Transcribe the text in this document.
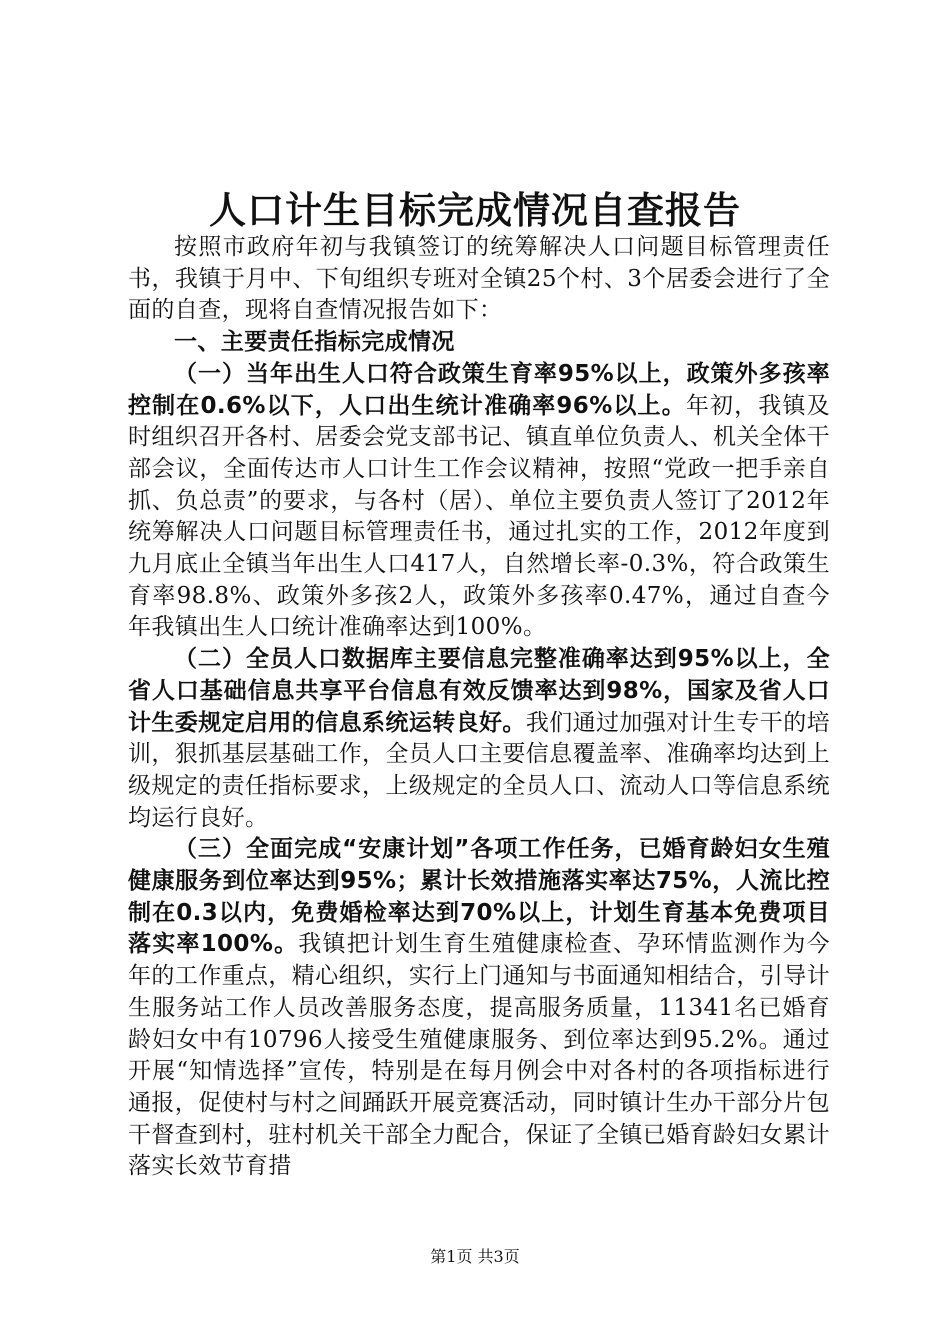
人口计生目标完成情况自查报告

按照市政府年初与我镇签订的统筹解决人口问题目标管理责任书，我镇于月中、下旬组织专班对全镇25个村、3个居委会进行了全面的自查，现将自查情况报告如下：

一、主要责任指标完成情况

（一）当年出生人口符合政策生育率95%以上，政策外多孩率控制在0.6%以下，人口出生统计准确率96%以上。年初，我镇及时组织召开各村、居委会党支部书记、镇直单位负责人、机关全体干部会议，全面传达市人口计生工作会议精神，按照“党政一把手亲自抓、负总责”的要求，与各村（居）、单位主要负责人签订了2012年统筹解决人口问题目标管理责任书，通过扎实的工作，2012年度到九月底止全镇当年出生人口417人，自然增长率-0.3%，符合政策生育率98.8%、政策外多孩2人，政策外多孩率0.47%，通过自查今年我镇出生人口统计准确率达到100%。

（二）全员人口数据库主要信息完整准确率达到95%以上，全省人口基础信息共享平台信息有效反馈率达到98%，国家及省人口计生委规定启用的信息系统运转良好。我们通过加强对计生专干的培训，狠抓基层基础工作，全员人口主要信息覆盖率、准确率均达到上级规定的责任指标要求，上级规定的全员人口、流动人口等信息系统均运行良好。

（三）全面完成“安康计划”各项工作任务，已婚育龄妇女生殖健康服务到位率达到95%；累计长效措施落实率达75%，人流比控制在0.3以内，免费婚检率达到70%以上，计划生育基本免费项目落实率100%。我镇把计划生育生殖健康检查、孕环情监测作为今年的工作重点，精心组织，实行上门通知与书面通知相结合，引导计生服务站工作人员改善服务态度，提高服务质量，11341名已婚育龄妇女中有10796人接受生殖健康服务、到位率达到95.2%。通过开展“知情选择”宣传，特别是在每月例会中对各村的各项指标进行通报，促使村与村之间踊跃开展竞赛活动，同时镇计生办干部分片包干督查到村，驻村机关干部全力配合，保证了全镇已婚育龄妇女累计落实长效节育措

第1页 共3页
